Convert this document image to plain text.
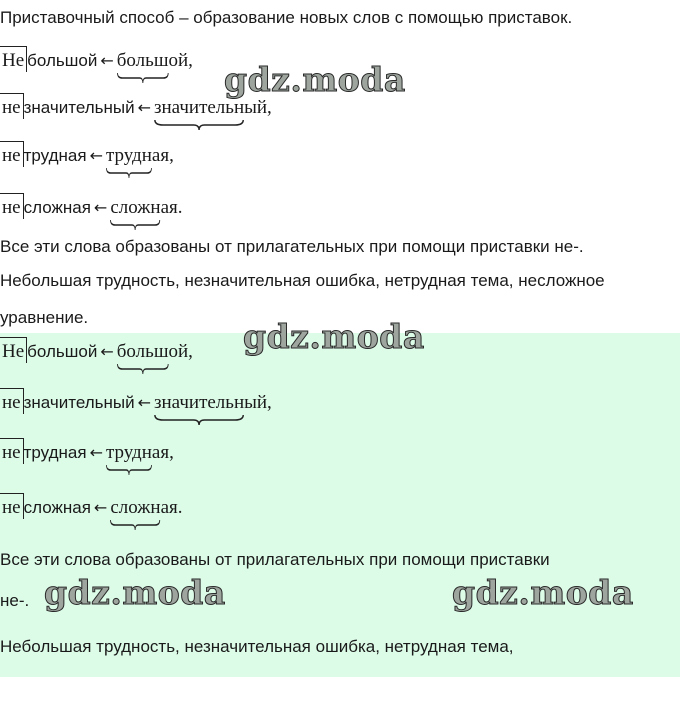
Приставочный способ – образование новых слов с помощью приставок.
Не большой ← больш
ой,
не значительный ← значительн
ый,
не трудная ← трудн
ая,
не сложная ← сложн
ая.
Все эти слова образованы от прилагательных при помощи приставки не-.
Небольшая трудность, незначительная ошибка, нетрудная тема, несложное
уравнение.
Не большой ← больш
ой,
не значительный ← значительн
ый,
не трудная ← трудн
ая,
не сложная ← сложн
ая.
Все эти слова образованы от прилагательных при помощи приставки
не-.
Небольшая трудность, незначительная ошибка, нетрудная тема,
gdz.moda
gdz.moda
gdz.moda	gdz.moda
